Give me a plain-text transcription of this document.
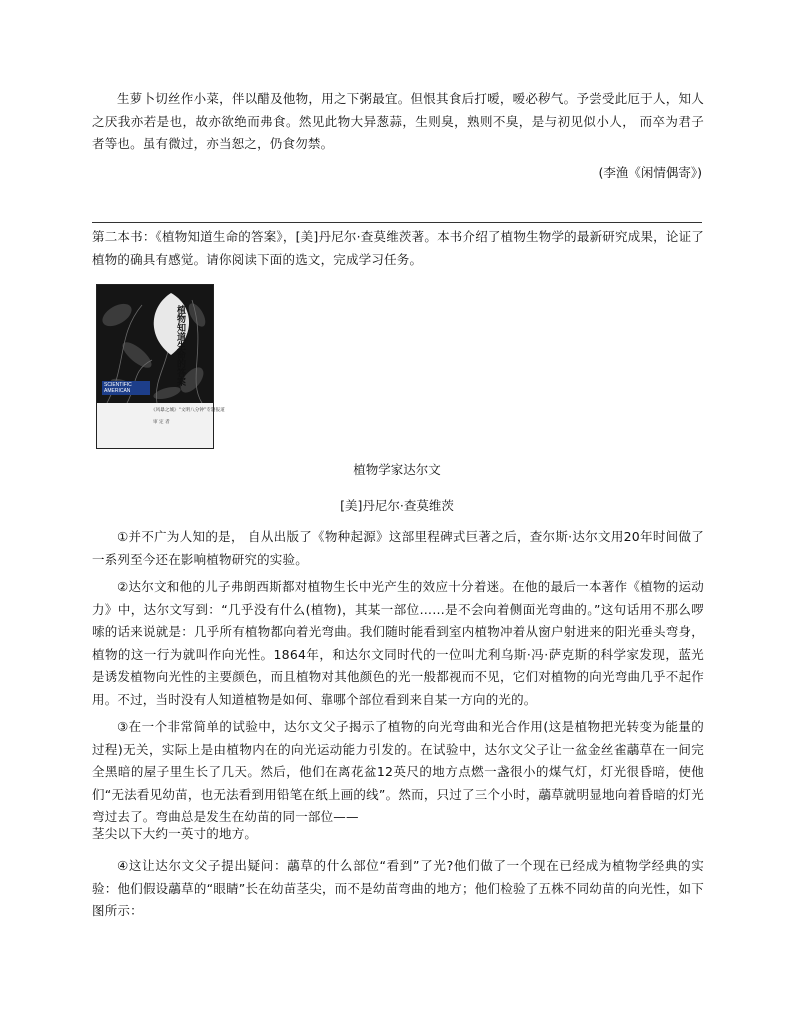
生萝卜切丝作小菜，伴以醋及他物，用之下粥最宜。但恨其食后打嗳，嗳必秽气。予尝受此厄于人，知人之厌我亦若是也，故亦欲绝而弗食。然见此物大异葱蒜，生则臭，熟则不臭，是与初见似小人， 而卒为君子者等也。虽有微过，亦当恕之，仍食勿禁。

(李渔《闲情偶寄》)

第二本书：《植物知道生命的答案》，[美]丹尼尔·查莫维茨著。本书介绍了植物生物学的最新研究成果，论证了植物的确具有感觉。请你阅读下面的选文，完成学习任务。

植物知道生命的答案
SCIENTIFIC AMERICAN
《风暴之城》“文明八分钟”专题报道
审 定 者
植物学家达尔文
[美]丹尼尔·查莫维茨

①并不广为人知的是， 自从出版了《物种起源》这部里程碑式巨著之后，查尔斯·达尔文用20年时间做了一系列至今还在影响植物研究的实验。

②达尔文和他的儿子弗朗西斯都对植物生长中光产生的效应十分着迷。在他的最后一本著作《植物的运动力》中，达尔文写到：“几乎没有什么(植物)，其某一部位……是不会向着侧面光弯曲的。”这句话用不那么啰嗦的话来说就是：几乎所有植物都向着光弯曲。我们随时能看到室内植物冲着从窗户射进来的阳光垂头弯身，植物的这一行为就叫作向光性。1864年，和达尔文同时代的一位叫尤利乌斯·冯·萨克斯的科学家发现，蓝光是诱发植物向光性的主要颜色，而且植物对其他颜色的光一般都视而不见，它们对植物的向光弯曲几乎不起作用。不过，当时没有人知道植物是如何、靠哪个部位看到来自某一方向的光的。

③在一个非常简单的试验中，达尔文父子揭示了植物的向光弯曲和光合作用(这是植物把光转变为能量的过程)无关，实际上是由植物内在的向光运动能力引发的。在试验中，达尔文父子让一盆金丝雀虉草在一间完全黑暗的屋子里生长了几天。然后，他们在离花盆12英尺的地方点燃一盏很小的煤气灯，灯光很昏暗，使他们“无法看见幼苗，也无法看到用铅笔在纸上画的线”。然而，只过了三个小时，虉草就明显地向着昏暗的灯光弯过去了。弯曲总是发生在幼苗的同一部位——

茎尖以下大约一英寸的地方。

④这让达尔文父子提出疑问：虉草的什么部位“看到”了光?他们做了一个现在已经成为植物学经典的实验：他们假设虉草的“眼睛”长在幼苗茎尖，而不是幼苗弯曲的地方；他们检验了五株不同幼苗的向光性，如下图所示：
